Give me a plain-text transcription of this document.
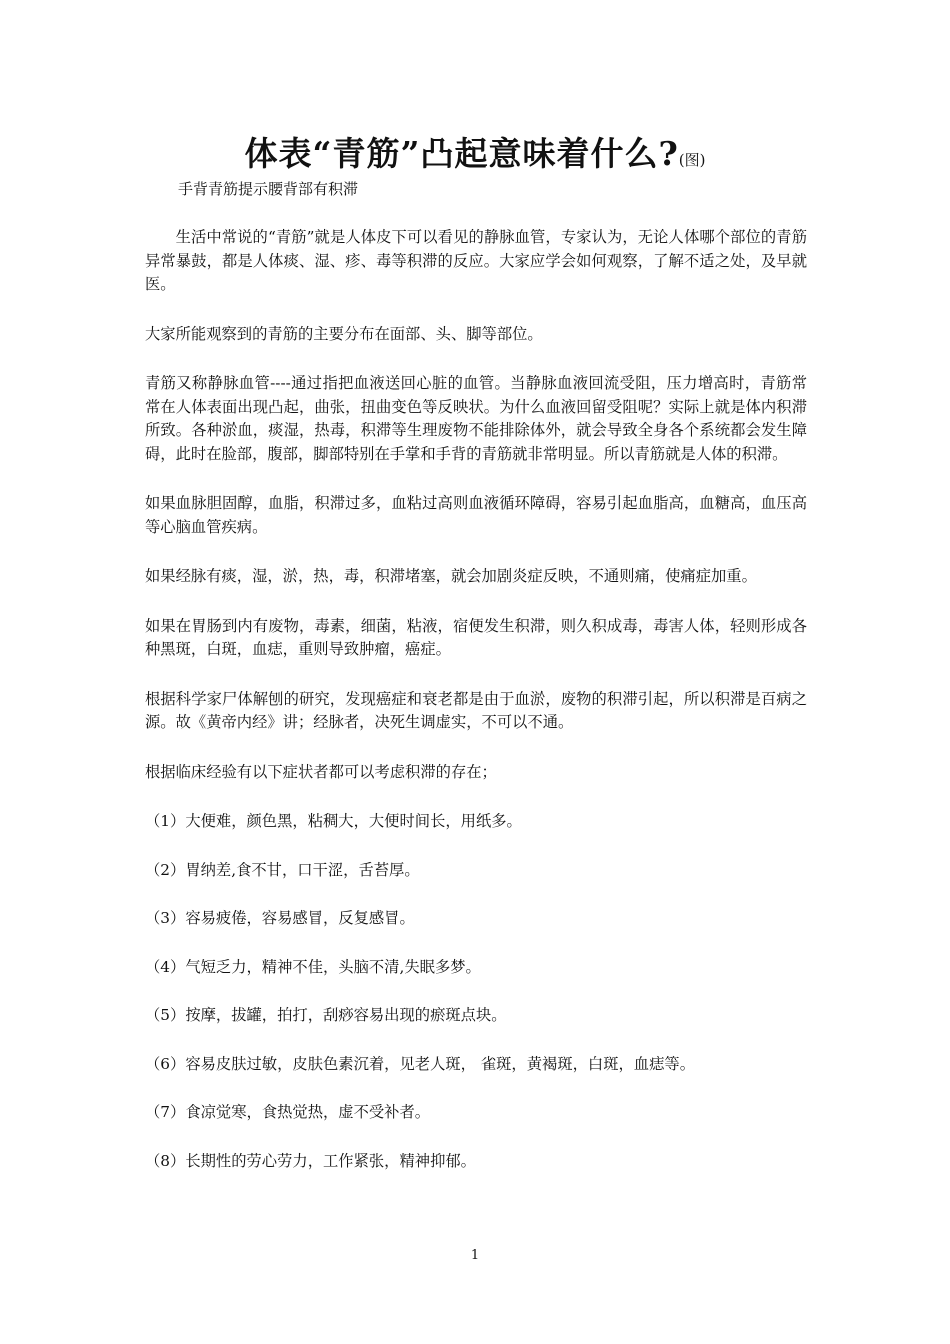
体表“青筋”凸起意味着什么?(图)
手背青筋提示腰背部有积滞

生活中常说的“青筋”就是人体皮下可以看见的静脉血管，专家认为，无论人体哪个部位的青筋异常暴鼓，都是人体痰、湿、疹、毒等积滞的反应。大家应学会如何观察，了解不适之处，及早就医。

大家所能观察到的青筋的主要分布在面部、头、脚等部位。

青筋又称静脉血管----通过指把血液送回心脏的血管。当静脉血液回流受阻，压力增高时，青筋常常在人体表面出现凸起，曲张，扭曲变色等反映状。为什么血液回留受阻呢？实际上就是体内积滞所致。各种淤血，痰湿，热毒，积滞等生理废物不能排除体外，就会导致全身各个系统都会发生障碍，此时在脸部，腹部，脚部特别在手掌和手背的青筋就非常明显。所以青筋就是人体的积滞。

如果血脉胆固醇，血脂，积滞过多，血粘过高则血液循环障碍，容易引起血脂高，血糖高，血压高等心脑血管疾病。

如果经脉有痰，湿，淤，热，毒，积滞堵塞，就会加剧炎症反映，不通则痛，使痛症加重。

如果在胃肠到内有废物，毒素，细菌，粘液，宿便发生积滞，则久积成毒，毒害人体，轻则形成各种黑斑，白斑，血痣，重则导致肿瘤，癌症。

根据科学家尸体解刨的研究，发现癌症和衰老都是由于血淤，废物的积滞引起，所以积滞是百病之源。故《黄帝内经》讲；经脉者，决死生调虚实，不可以不通。

根据临床经验有以下症状者都可以考虑积滞的存在；

（1）大便难，颜色黑，粘稠大，大便时间长，用纸多。
（2）胃纳差,食不甘，口干涩，舌苔厚。
（3）容易疲倦，容易感冒，反复感冒。
（4）气短乏力，精神不佳，头脑不清,失眠多梦。
（5）按摩，拔罐，拍打，刮痧容易出现的瘀斑点块。
（6）容易皮肤过敏，皮肤色素沉着，见老人斑， 雀斑，黄褐斑，白斑，血痣等。
（7）食凉觉寒，食热觉热，虚不受补者。
（8）长期性的劳心劳力，工作紧张，精神抑郁。
1
